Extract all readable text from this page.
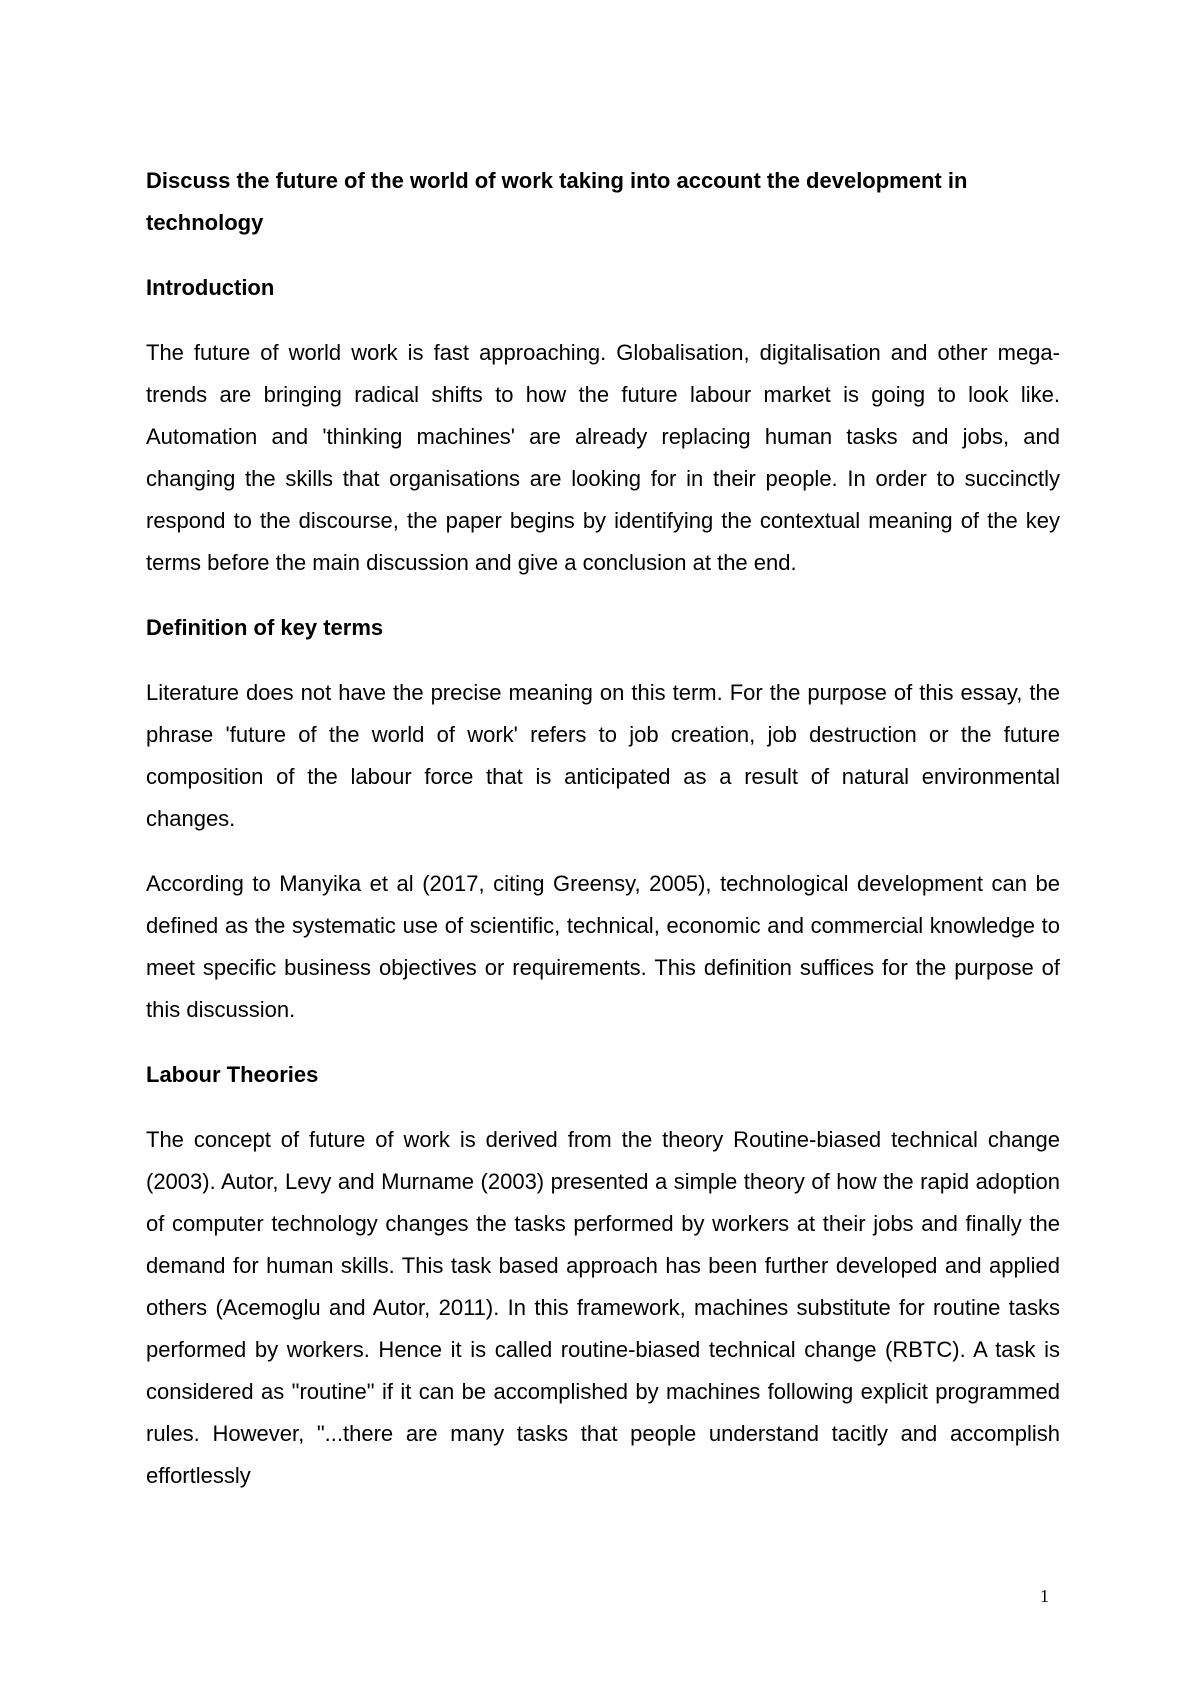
Discuss the future of the world of work taking into account the development in technology
Introduction

The future of world work is fast approaching. Globalisation, digitalisation and other mega-trends are bringing radical shifts to how the future labour market is going to look like. Automation and 'thinking machines' are already replacing human tasks and jobs, and changing the skills that organisations are looking for in their people. In order to succinctly respond to the discourse, the paper begins by identifying the contextual meaning of the key terms before the main discussion and give a conclusion at the end.

Definition of key terms

Literature does not have the precise meaning on this term. For the purpose of this essay, the phrase 'future of the world of work' refers to job creation, job destruction or the future composition of the labour force that is anticipated as a result of natural environmental changes.

According to Manyika et al (2017, citing Greensy, 2005), technological development can be defined as the systematic use of scientific, technical, economic and commercial knowledge to meet specific business objectives or requirements. This definition suffices for the purpose of this discussion.

Labour Theories

The concept of future of work is derived from the theory Routine-biased technical change (2003). Autor, Levy and Murname (2003) presented a simple theory of how the rapid adoption of computer technology changes the tasks performed by workers at their jobs and finally the demand for human skills. This task based approach has been further developed and applied others (Acemoglu and Autor, 2011). In this framework, machines substitute for routine tasks performed by workers. Hence it is called routine-biased technical change (RBTC). A task is considered as "routine" if it can be accomplished by machines following explicit programmed rules. However, "...there are many tasks that people understand tacitly and accomplish effortlessly

1
